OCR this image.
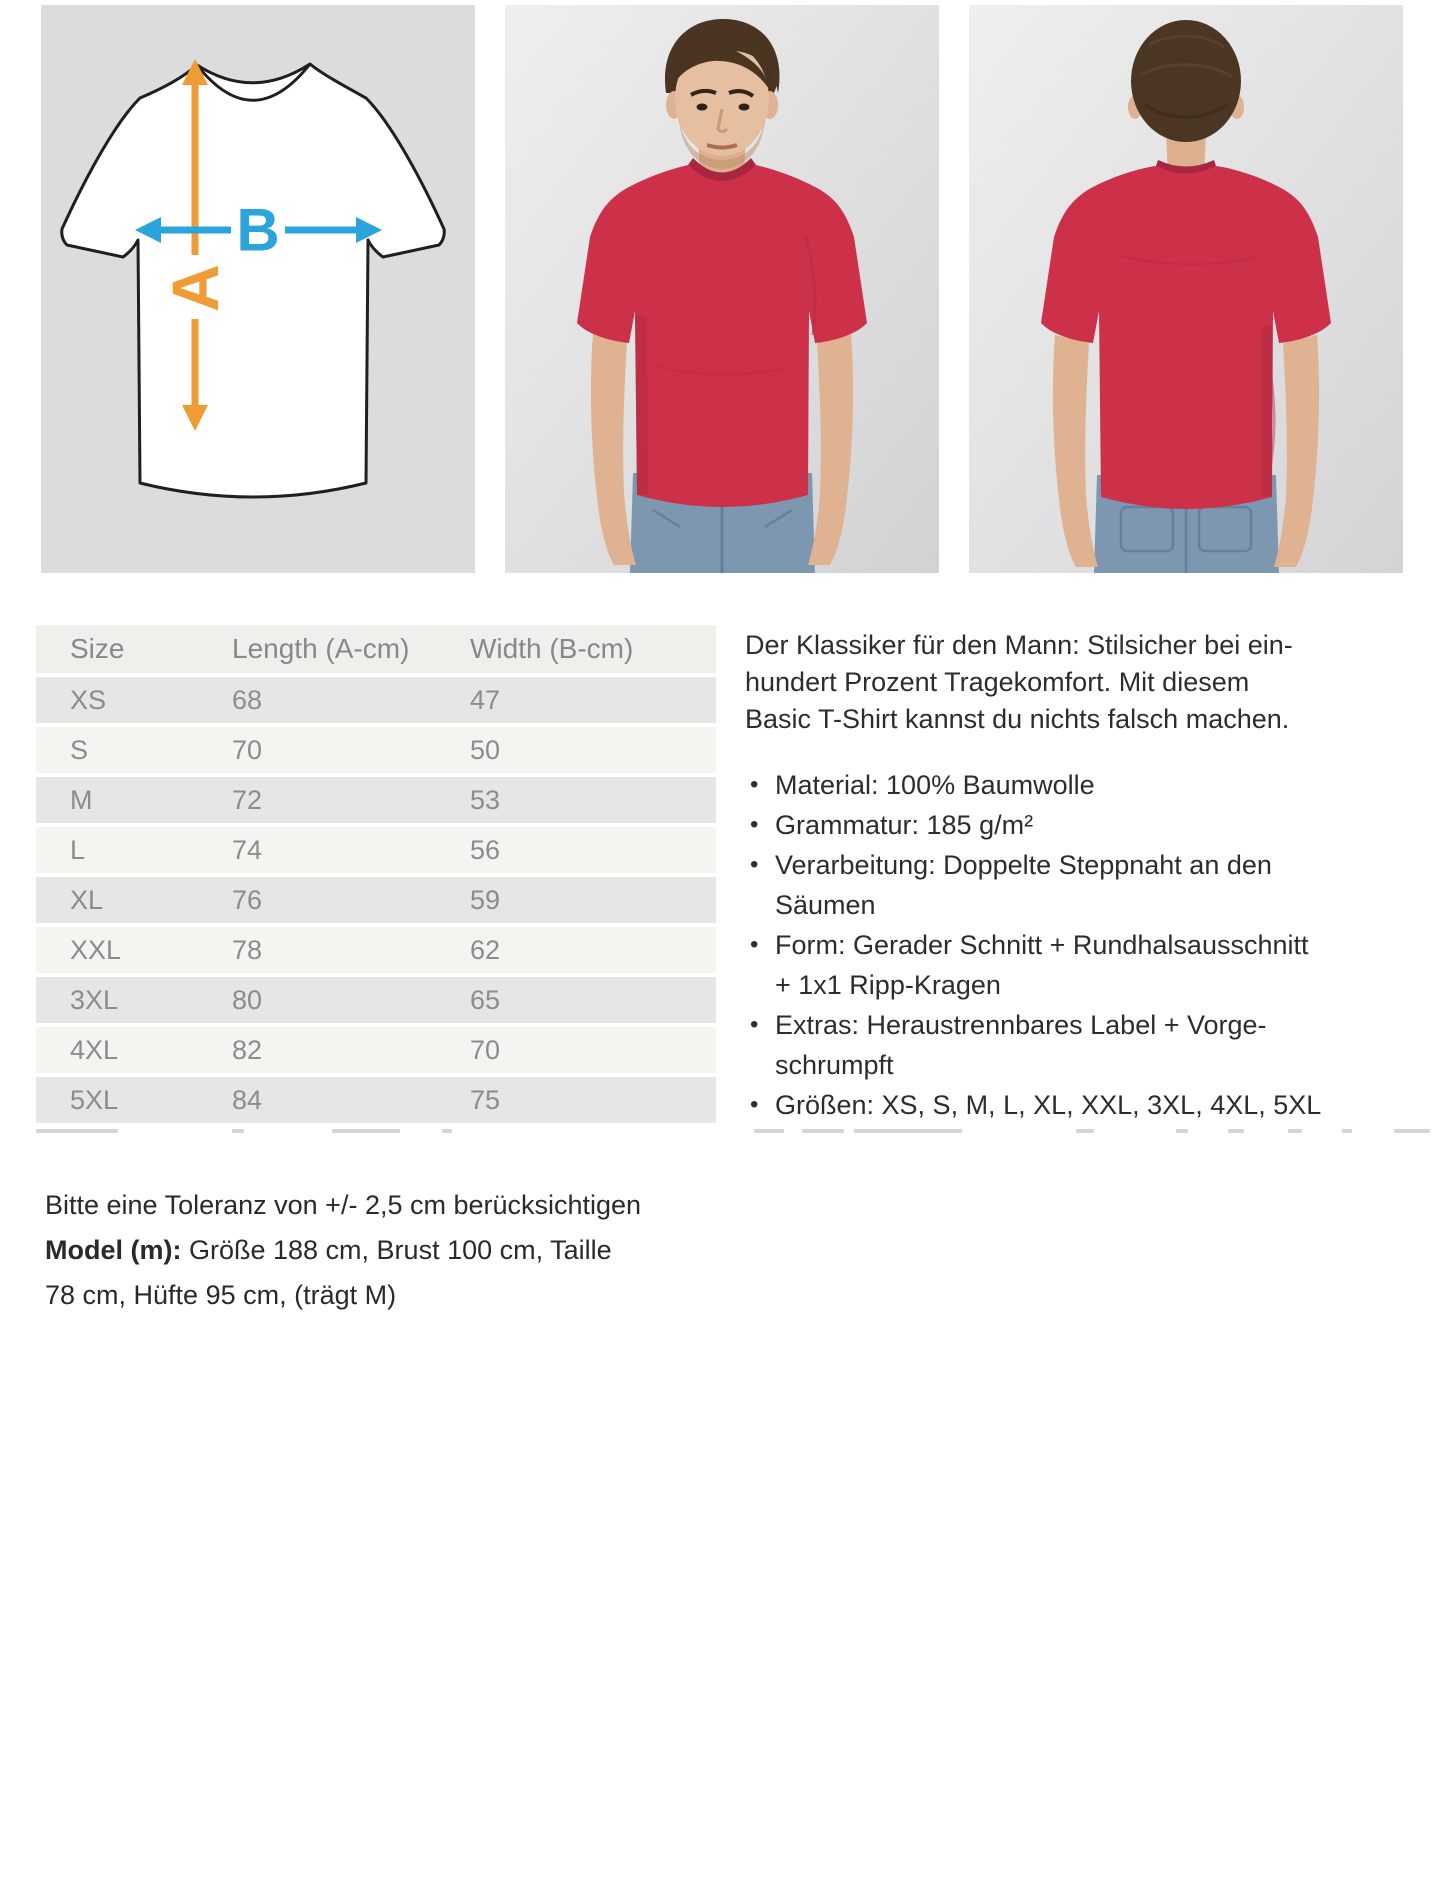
A
B
Size	Length (A-cm) Width (B-cm)
XS	68	47
S	70	50
M	72	53
L	74	56
XL	76	59
XXL	78	62
3XL	80	65
4XL	82	70
5XL	84	75
Der Klassiker für den Mann: Stilsicher bei ein-
hundert Prozent Tragekomfort. Mit diesem
Basic T-Shirt kannst du nichts falsch machen.
• Material: 100% Baumwolle
• Grammatur: 185 g/m²
• Verarbeitung: Doppelte Steppnaht an den
Säumen
• Form: Gerader Schnitt + Rundhalsausschnitt
+ 1x1 Ripp-Kragen
• Extras: Heraustrennbares Label + Vorge-
schrumpft
• Größen: XS, S, M, L, XL, XXL, 3XL, 4XL, 5XL
Bitte eine Toleranz von +/- 2,5 cm berücksichtigen
Model (m): Größe 188 cm, Brust 100 cm, Taille
78 cm, Hüfte 95 cm, (trägt M)
